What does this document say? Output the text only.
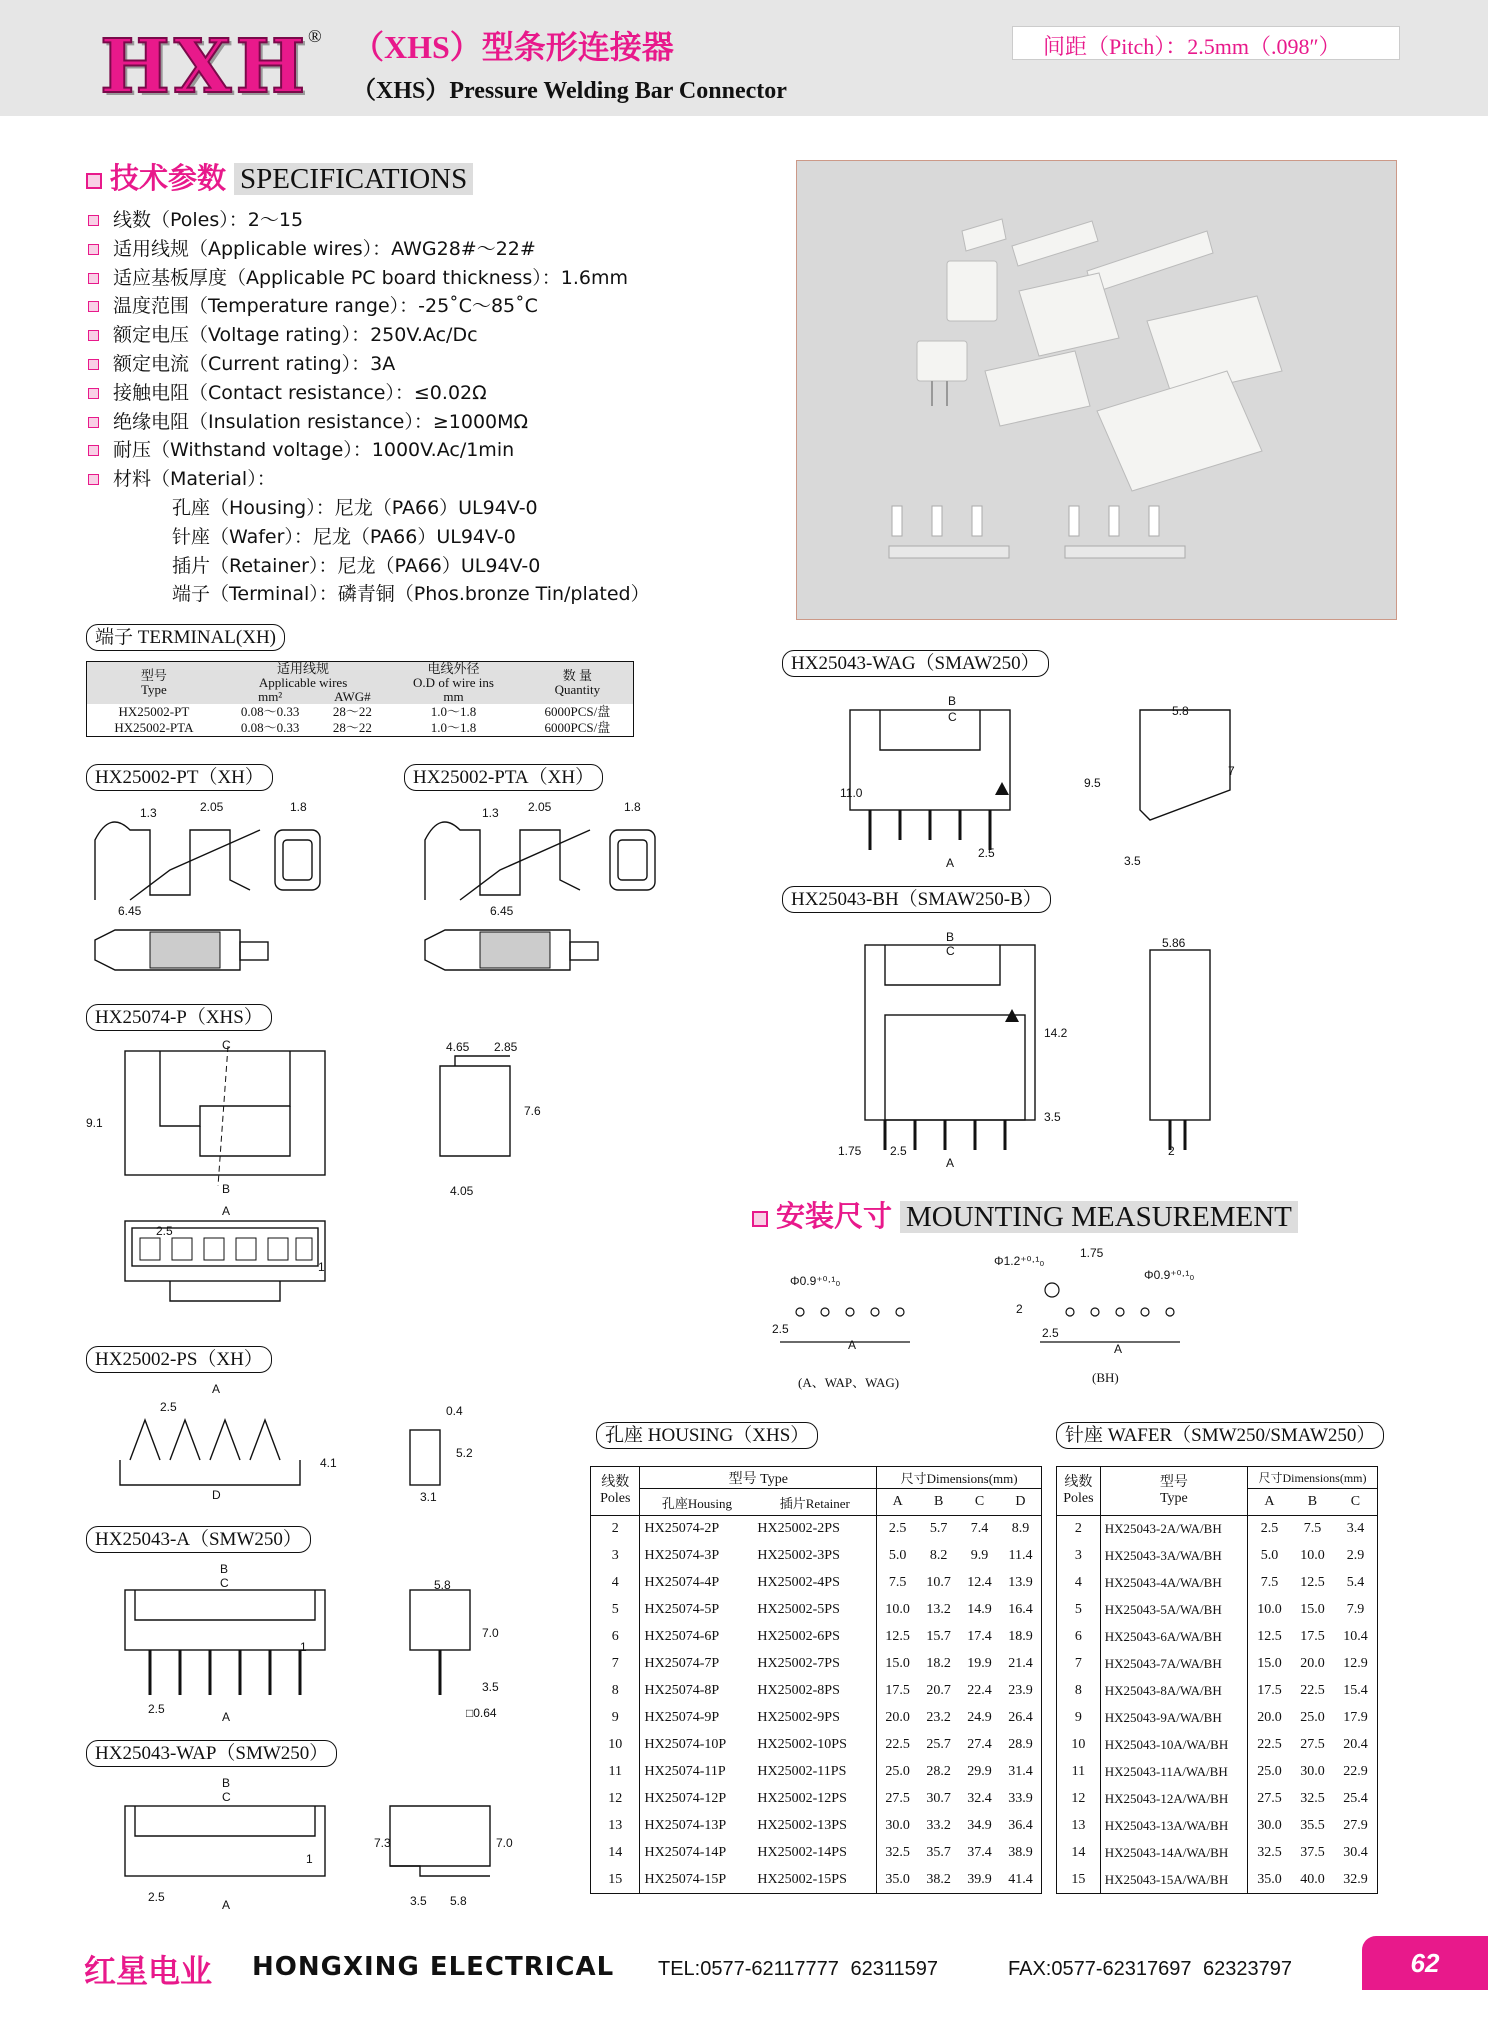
HXH
® （XHS）型条形连接器
（XHS）Pressure Welding Bar Connector
间距（Pitch）：2.5mm（.098″）
技术参数 SPECIFICATIONS
线数（Poles）：2～15
适用线规（Applicable wires）：AWG28#～22#
适应基板厚度（Applicable PC board thickness）：1.6mm
温度范围（Temperature range）：-25˚C～85˚C
额定电压（Voltage rating）：250V.Ac/Dc
额定电流（Current rating）：3A
接触电阻（Contact resistance）：≤0.02Ω
绝缘电阻（Insulation resistance）：≥1000MΩ
耐压（Withstand voltage）：1000V.Ac/1min
材料（Material）：
孔座（Housing）：尼龙（PA66）UL94V-0
针座（Wafer）：尼龙（PA66）UL94V-0
插片（Retainer）：尼龙（PA66）UL94V-0
端子（Terminal）：磷青铜（Phos.bronze Tin/plated）
端子 TERMINAL(XH)
型号
Type	适用线规
Applicable wires		电线外径
O.D of wire ins	数 量
Quantity
	mm²	AWG#	mm	
HX25002-PT	0.08～0.33	28～22	1.0～1.8	6000PCS/盘
HX25002-PTA	0.08～0.33	28～22	1.0～1.8	6000PCS/盘
HX25002-PT（XH）	HX25002-PTA（XH）
HX25074-P（XHS）
HX25002-PS（XH）
HX25043-A（SMW250）
HX25043-WAP（SMW250）
HX25043-WAG（SMAW250）
HX25043-BH（SMAW250-B）
1.3	2.05	1.8
6.45
1.3 2.05	1.8
6.45
C	4.65 2.85
9.1
7.6
B	4.05
A
2.5
1
A
2.5	0.4
5.2
4.1
D	3.1
B
C	5.8
7.0
1
3.5
2.5
A	□0.64
B
C
7.3	7.0
1
2.5
A	3.5 5.8
B
C	5.8
11.0
9.5
7
2.5
A	3.5
B
C
5.86
14.2
3.5
1.75 2.5
A
2
安装尺寸 MOUNTING MEASUREMENT
Φ0.9⁺⁰·¹₀
2.5
A
Φ1.2⁺⁰·¹₀
1.75
Φ0.9⁺⁰·¹₀
2
2.5
A
(A、WAP、WAG)	(BH)
孔座 HOUSING（XHS）
线数
Poles	型号 Type		尺寸Dimensions(mm)			
	孔座Housing	插片Retainer	A	B	C	D
2	HX25074-2P	HX25002-2PS	2.5	5.7	7.4	8.9
3	HX25074-3P	HX25002-3PS	5.0	8.2	9.9	11.4
4	HX25074-4P	HX25002-4PS	7.5	10.7	12.4	13.9
5	HX25074-5P	HX25002-5PS	10.0	13.2	14.9	16.4
6	HX25074-6P	HX25002-6PS	12.5	15.7	17.4	18.9
7	HX25074-7P	HX25002-7PS	15.0	18.2	19.9	21.4
8	HX25074-8P	HX25002-8PS	17.5	20.7	22.4	23.9
9	HX25074-9P	HX25002-9PS	20.0	23.2	24.9	26.4
10	HX25074-10P	HX25002-10PS	22.5	25.7	27.4	28.9
11	HX25074-11P	HX25002-11PS	25.0	28.2	29.9	31.4
12	HX25074-12P	HX25002-12PS	27.5	30.7	32.4	33.9
13	HX25074-13P	HX25002-13PS	30.0	33.2	34.9	36.4
14	HX25074-14P	HX25002-14PS	32.5	35.7	37.4	38.9
15	HX25074-15P	HX25002-15PS	35.0	38.2	39.9	41.4
针座 WAFER（SMW250/SMAW250）
线数
Poles	型号
Type	尺寸Dimensions(mm)		
		A	B	C
2	HX25043-2A/WA/BH	2.5	7.5	3.4
3	HX25043-3A/WA/BH	5.0	10.0	2.9
4	HX25043-4A/WA/BH	7.5	12.5	5.4
5	HX25043-5A/WA/BH	10.0	15.0	7.9
6	HX25043-6A/WA/BH	12.5	17.5	10.4
7	HX25043-7A/WA/BH	15.0	20.0	12.9
8	HX25043-8A/WA/BH	17.5	22.5	15.4
9	HX25043-9A/WA/BH	20.0	25.0	17.9
10	HX25043-10A/WA/BH	22.5	27.5	20.4
11	HX25043-11A/WA/BH	25.0	30.0	22.9
12	HX25043-12A/WA/BH	27.5	32.5	25.4
13	HX25043-13A/WA/BH	30.0	35.5	27.9
14	HX25043-14A/WA/BH	32.5	37.5	30.4
15	HX25043-15A/WA/BH	35.0	40.0	32.9
红星电业 HONGXING ELECTRICAL TEL:0577-62117777 62311597	FAX:0577-62317697 62323797	62
